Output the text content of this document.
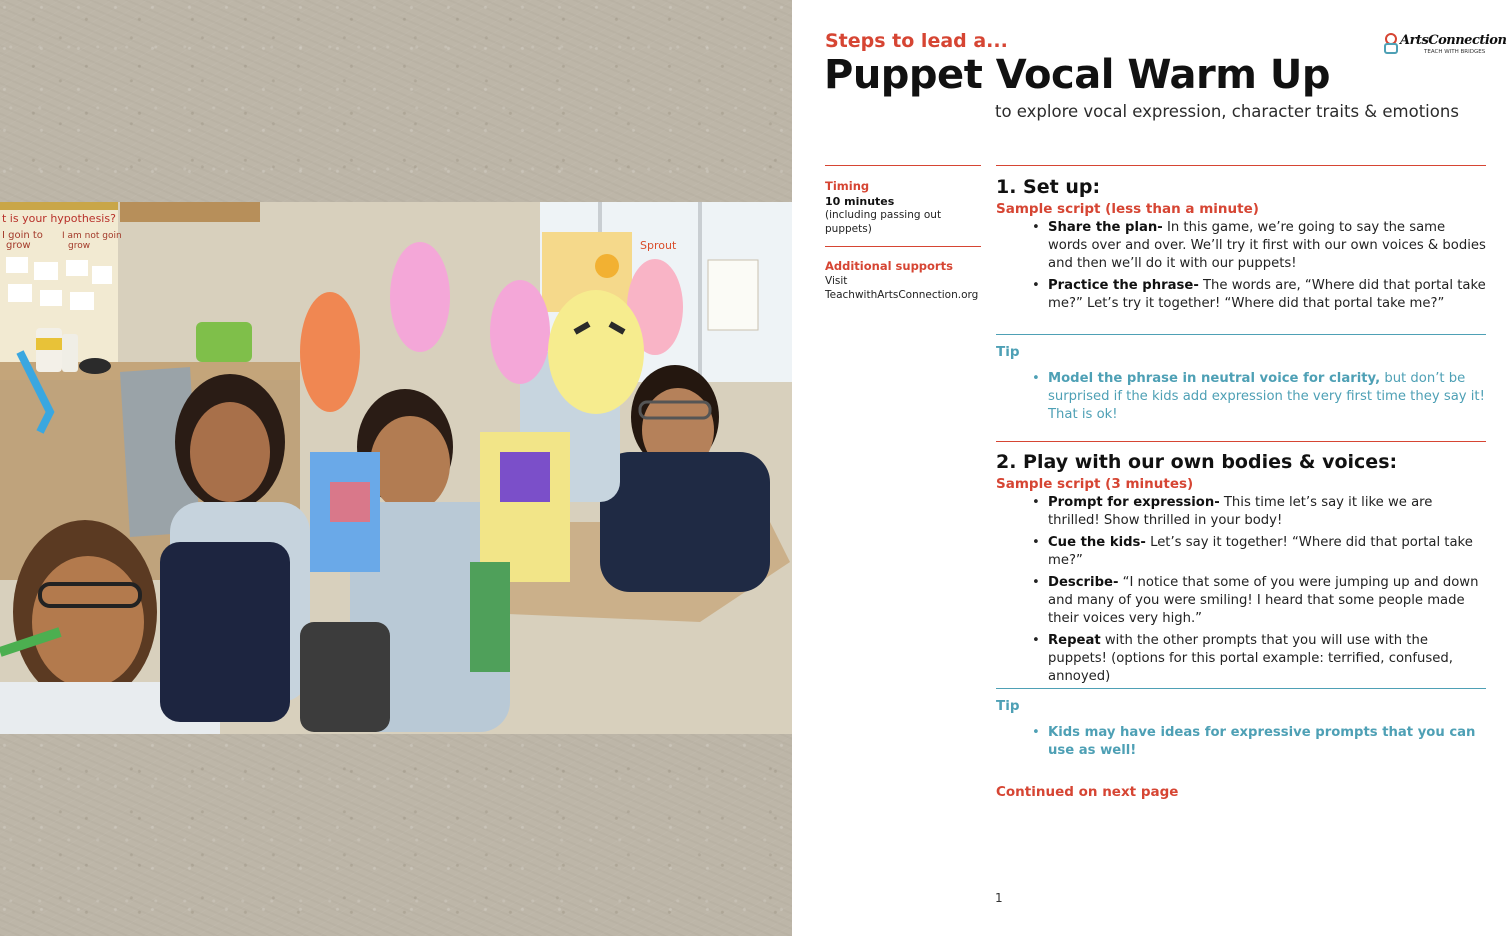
t is your hypothesis?
I goin to
grow
I am not goin
grow	Sprout
Steps to lead a...
Puppet Vocal Warm Up
to explore vocal expression, character traits & emotions
ArtsConnection
TEACH WITH BRIDGES
Timing
10 minutes
(including passing out puppets)
Additional supports
Visit
TeachwithArtsConnection.org
1. Set up:
Sample script (less than a minute)
• Share the plan- In this game, we’re going to say the same words over and over. We’ll try it first with our own voices & bodies and then we’ll do it with our puppets!
• Practice the phrase- The words are, “Where did that portal take me?” Let’s try it together! “Where did that portal take me?”
Tip
• Model the phrase in neutral voice for clarity, but don’t be surprised if the kids add expression the very first time they say it! That is ok!
2. Play with our own bodies & voices:
Sample script (3 minutes)
• Prompt for expression- This time let’s say it like we are thrilled! Show thrilled in your body!
• Cue the kids- Let’s say it together! “Where did that portal take me?”
• Describe- “I notice that some of you were jumping up and down and many of you were smiling! I heard that some people made their voices very high.”
• Repeat with the other prompts that you will use with the puppets! (options for this portal example: terrified, confused, annoyed)
Tip
• Kids may have ideas for expressive prompts that you can use as well!
Continued on next page
1
